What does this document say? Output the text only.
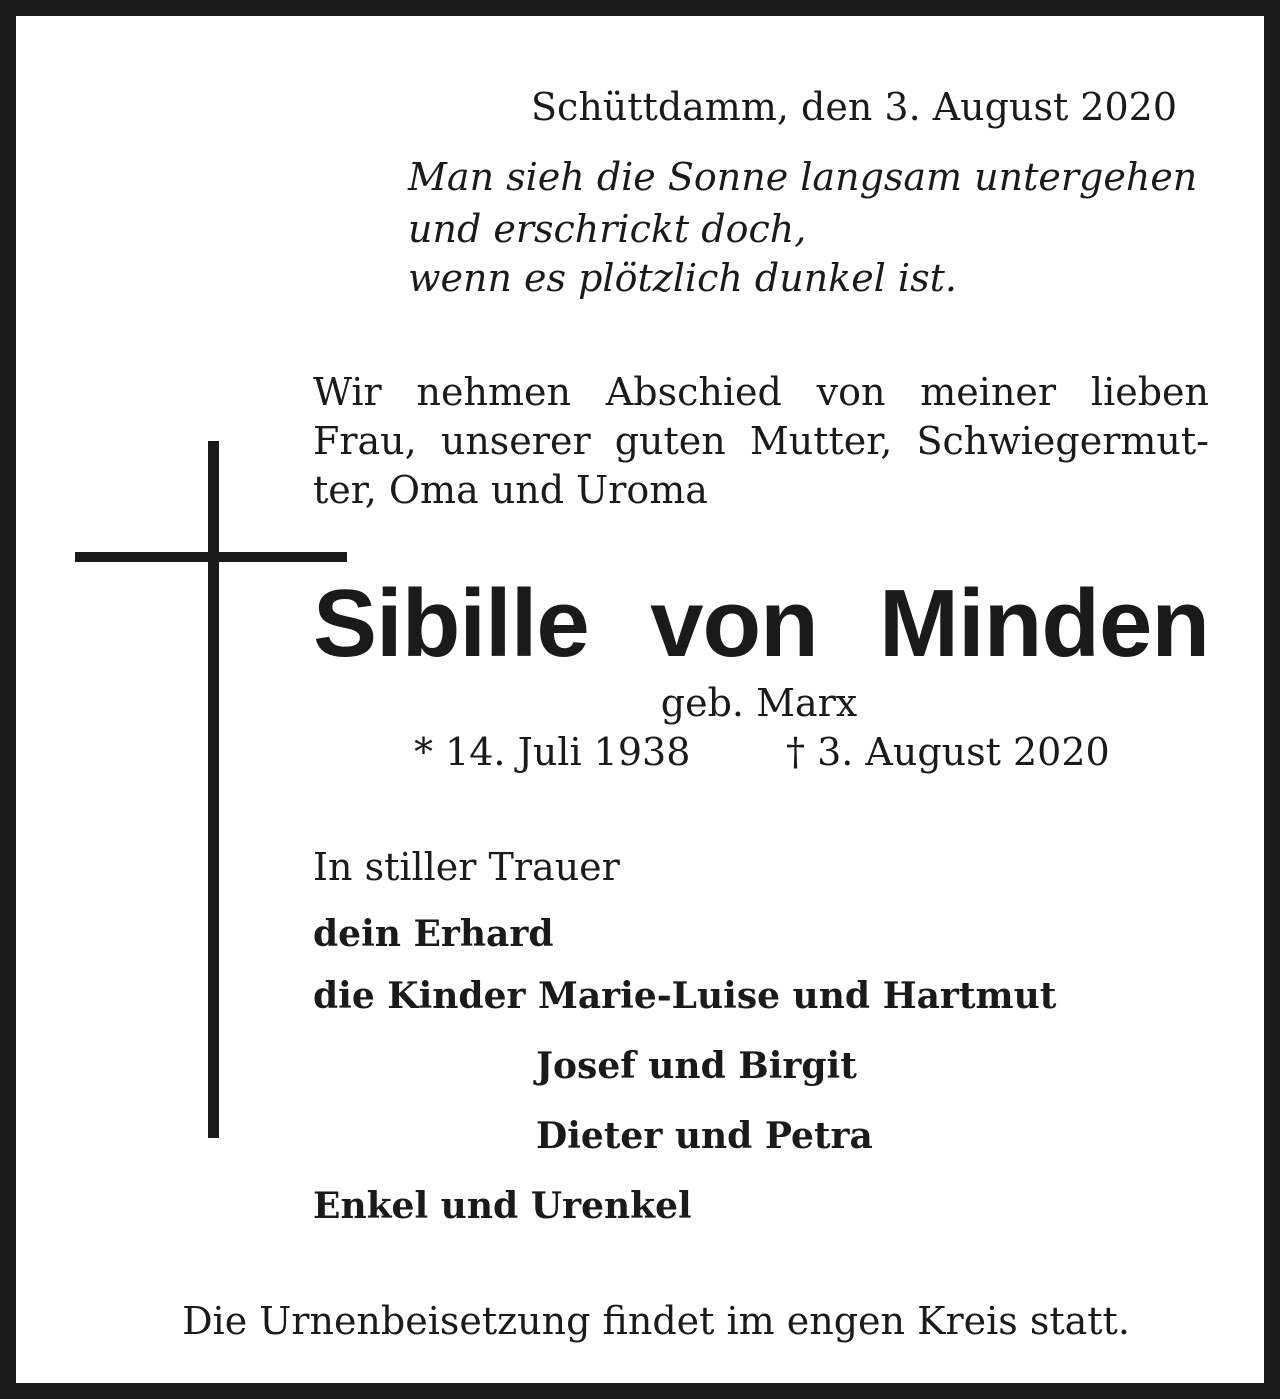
Schüttdamm, den 3. August 2020

Man sieh die Sonne langsam untergehen

und erschrickt doch,

wenn es plötzlich dunkel ist.

Wir nehmen Abschied von meiner lieben

Frau, unserer guten Mutter, Schwiegermut-

ter, Oma und Uroma

Sibille von Minden

geb. Marx

* 14. Juli 1938	† 3. August 2020

In stiller Trauer

dein Erhard

die Kinder Marie-Luise und Hartmut

Josef und Birgit

Dieter und Petra

Enkel und Urenkel

Die Urnenbeisetzung findet im engen Kreis statt.
